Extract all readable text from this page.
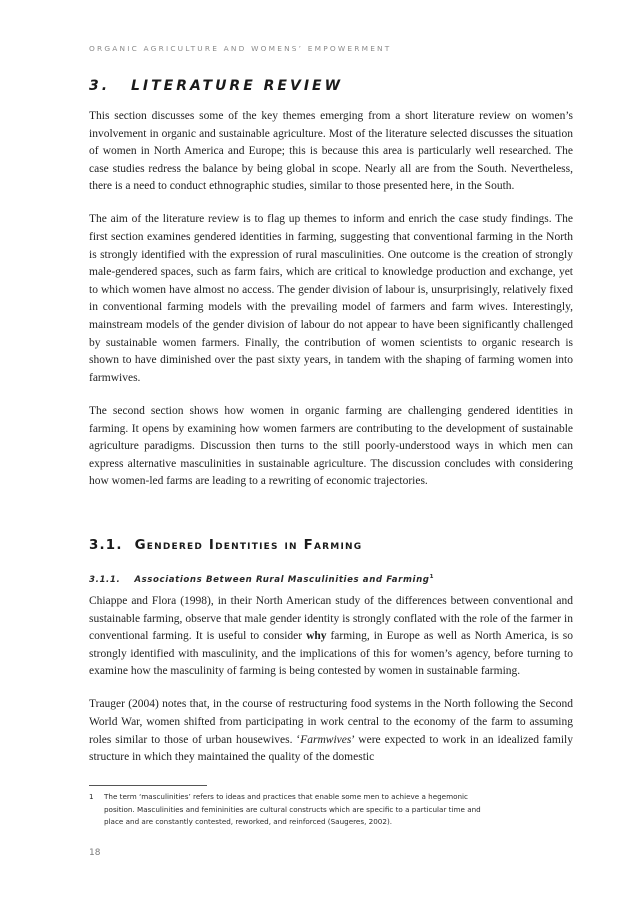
ORGANIC AGRICULTURE AND WOMENS’ EMPOWERMENT
3. LITERATURE REVIEW

This section discusses some of the key themes emerging from a short literature review on women’s involvement in organic and sustainable agriculture. Most of the literature selected discusses the situation of women in North America and Europe; this is because this area is particularly well researched. The case studies redress the balance by being global in scope. Nearly all are from the South. Nevertheless, there is a need to conduct ethnographic studies, similar to those presented here, in the South.

The aim of the literature review is to flag up themes to inform and enrich the case study findings. The first section examines gendered identities in farming, suggesting that conventional farming in the North is strongly identified with the expression of rural masculinities. One outcome is the creation of strongly male-gendered spaces, such as farm fairs, which are critical to knowledge production and exchange, yet to which women have almost no access. The gender division of labour is, unsurprisingly, relatively fixed in conventional farming models with the prevailing model of farmers and farm wives. Interestingly, mainstream models of the gender division of labour do not appear to have been significantly challenged by sustainable women farmers. Finally, the contribution of women scientists to organic research is shown to have diminished over the past sixty years, in tandem with the shaping of farming women into farmwives.

The second section shows how women in organic farming are challenging gendered identities in farming. It opens by examining how women farmers are contributing to the development of sustainable agriculture paradigms. Discussion then turns to the still poorly-understood ways in which men can express alternative masculinities in sustainable agriculture. The discussion concludes with considering how women-led farms are leading to a rewriting of economic trajectories.

3.1. Gendered Identities in Farming
3.1.1. Associations Between Rural Masculinities and Farming$^1$

Chiappe and Flora (1998), in their North American study of the differences between conventional and sustainable farming, observe that male gender identity is strongly conflated with the role of the farmer in conventional farming. It is useful to consider why farming, in Europe as well as North America, is so strongly identified with masculinity, and the implications of this for women’s agency, before turning to examine how the masculinity of farming is being contested by women in sustainable farming.

Trauger (2004) notes that, in the course of restructuring food systems in the North following the Second World War, women shifted from participating in work central to the economy of the farm to assuming roles similar to those of urban housewives. ‘Farmwives’ were expected to work in an idealized family structure in which they maintained the quality of the domestic

1 The term ‘masculinities’ refers to ideas and practices that enable some men to achieve a hegemonic position. Masculinities and femininities are cultural constructs which are specific to a particular time and place and are constantly contested, reworked, and reinforced (Saugeres, 2002).
18
